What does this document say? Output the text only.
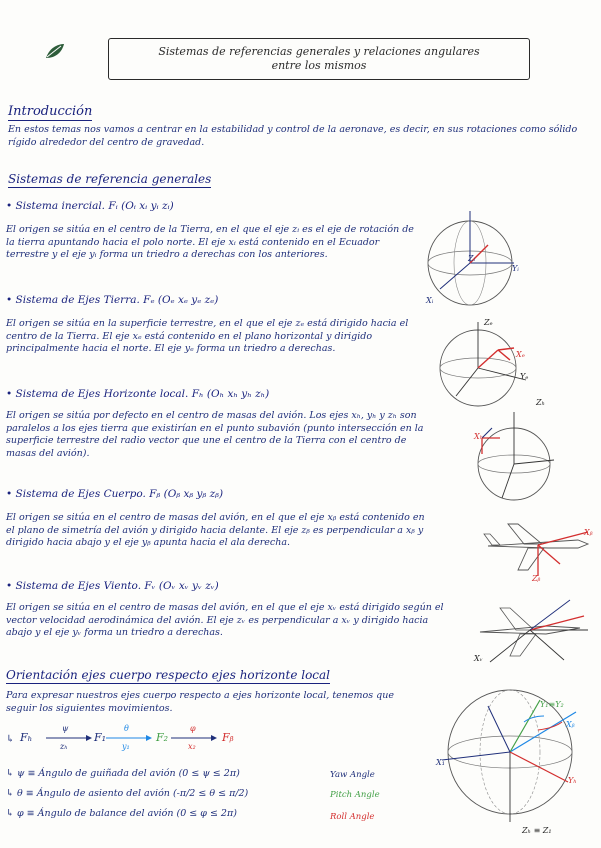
Sistemas de referencias generales y relaciones angulares
entre los mismos
Introducción
En estos temas nos vamos a centrar en la estabilidad y control de la aeronave, es decir, en sus rotaciones como sólido rígido alrededor del centro de gravedad.
Sistemas de referencia generales
• Sistema inercial. Fᵢ (Oᵢ xᵢ yᵢ zᵢ)
El origen se sitúa en el centro de la Tierra, en el que el eje zᵢ es el eje de rotación de la tierra apuntando hacia el polo norte. El eje xᵢ está contenido en el Ecuador terrestre y el eje yᵢ forma un triedro a derechas con los anteriores.
• Sistema de Ejes Tierra. Fₑ (Oₑ xₑ yₑ zₑ)
El origen se sitúa en la superficie terrestre, en el que el eje zₑ está dirigido hacia el centro de la Tierra. El eje xₑ está contenido en el plano horizontal y dirigido principalmente hacia el norte. El eje yₑ forma un triedro a derechas.
• Sistema de Ejes Horizonte local. Fₕ (Oₕ xₕ yₕ zₕ)
El origen se sitúa por defecto en el centro de masas del avión. Los ejes xₕ, yₕ y zₕ son paralelos a los ejes tierra que existirían en el punto subavión (punto intersección en la superficie terrestre del radio vector que une el centro de la Tierra con el centro de masas del avión).
• Sistema de Ejes Cuerpo. Fᵦ (Oᵦ xᵦ yᵦ zᵦ)
El origen se sitúa en el centro de masas del avión, en el que el eje xᵦ está contenido en el plano de simetría del avión y dirigido hacia delante. El eje zᵦ es perpendicular a xᵦ y dirigido hacia abajo y el eje yᵦ apunta hacia el ala derecha.
• Sistema de Ejes Viento. Fᵥ (Oᵥ xᵥ yᵥ zᵥ)
El origen se sitúa en el centro de masas del avión, en el que el eje xᵥ está dirigido según el vector velocidad aerodinámica del avión. El eje zᵥ es perpendicular a xᵥ y dirigido hacia abajo y el eje yᵥ forma un triedro a derechas.
Orientación ejes cuerpo respecto ejes horizonte local
Para expresar nuestros ejes cuerpo respecto a ejes horizonte local, tenemos que seguir los siguientes movimientos.
↳ Fₕ
ψ
zₕ
F₁
θ
y₁
F₂
φ
x₂
Fᵦ
↳ ψ ≡ Ángulo de guiñada del avión (0 ≤ ψ ≤ 2π)	Yaw Angle
↳ θ ≡ Ángulo de asiento del avión (-π/2 ≤ θ ≤ π/2)	Pitch Angle
↳ φ ≡ Ángulo de balance del avión (0 ≤ φ ≤ 2π)	Roll Angle
Zᵢ
Xᵢ
Yᵢ
Zₑ
Xₑ
Yₑ
Zₕ
Xₕ
Xᵦ
Zᵦ
Xᵥ
Zₕ ≡ Z₁
X₁
Y₁≡Y₂
Xᵦ
Yₕ
